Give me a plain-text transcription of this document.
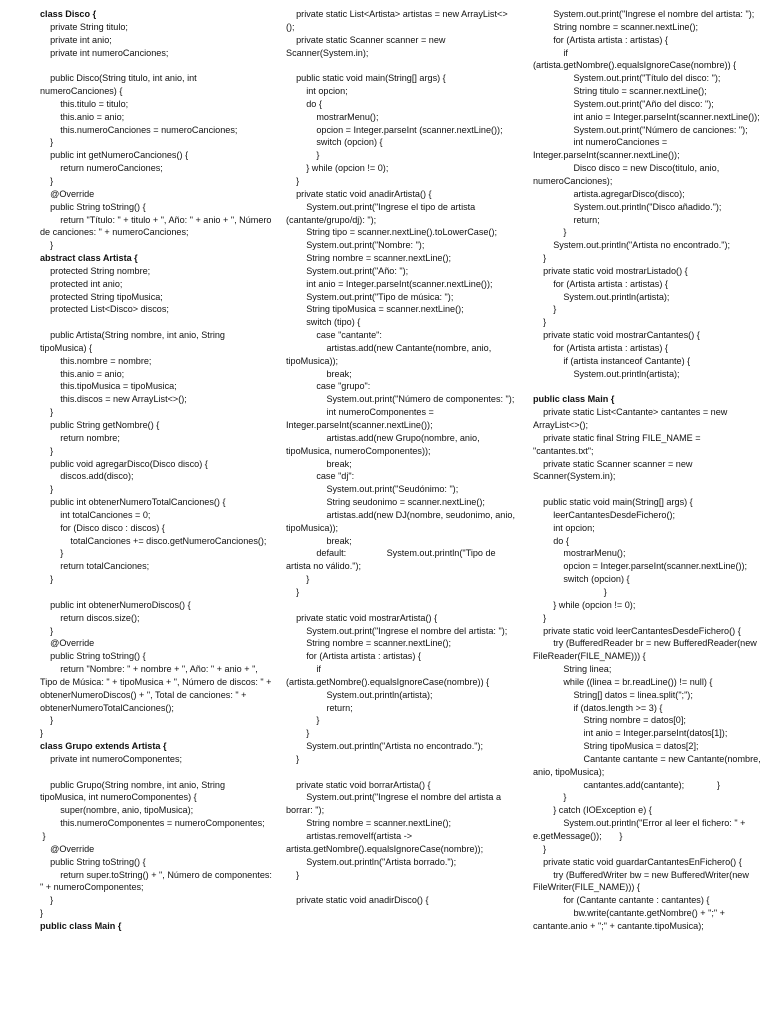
class Disco {
private String titulo;
private int anio;
private int numeroCanciones;

public Disco(String titulo, int anio, int numeroCanciones) {
this.titulo = titulo;
this.anio = anio;
this.numeroCanciones = numeroCanciones;
}
public int getNumeroCanciones() {
return numeroCanciones;
}
@Override
public String toString() {
return "Título: " + titulo + ", Año: " + anio + ", Número de canciones: " + numeroCanciones;
}
abstract class Artista {
protected String nombre;
protected int anio;
protected String tipoMusica;
protected List<Disco> discos;

public Artista(String nombre, int anio, String tipoMusica) {
this.nombre = nombre;
this.anio = anio;
this.tipoMusica = tipoMusica;
this.discos = new ArrayList<>();
}
public String getNombre() {
return nombre;
}
public void agregarDisco(Disco disco) {
discos.add(disco);
}
public int obtenerNumeroTotalCanciones() {
int totalCanciones = 0;
for (Disco disco : discos) {
totalCanciones += disco.getNumeroCanciones();
}
return totalCanciones;
}

public int obtenerNumeroDiscos() {
return discos.size();
}
@Override
public String toString() {
return "Nombre: " + nombre + ", Año: " + anio + ", Tipo de Música: " + tipoMusica + ", Número de discos: " + obtenerNumeroDiscos() + ", Total de canciones: " + obtenerNumeroTotalCanciones();
}
}
class Grupo extends Artista {
private int numeroComponentes;

public Grupo(String nombre, int anio, String tipoMusica, int numeroComponentes) {
super(nombre, anio, tipoMusica);
this.numeroComponentes = numeroComponentes;
}
@Override
public String toString() {
return super.toString() + ", Número de componentes: " + numeroComponentes;
}
}
public class Main {
private static List<Artista> artistas = new ArrayList<>();
private static Scanner scanner = new Scanner(System.in);

public static void main(String[] args) {
int opcion;
do {
mostrarMenu();
opcion = Integer.parseInt (scanner.nextLine());
switch (opcion) {
}
} while (opcion != 0);
}
private static void anadirArtista() {
System.out.print("Ingrese el tipo de artista (cantante/grupo/dj): ");
String tipo = scanner.nextLine().toLowerCase();
System.out.print("Nombre: ");
String nombre = scanner.nextLine();
System.out.print("Año: ");
int anio = Integer.parseInt(scanner.nextLine());
System.out.print("Tipo de música: ");
String tipoMusica = scanner.nextLine();
switch (tipo) {
case "cantante":
artistas.add(new Cantante(nombre, anio, tipoMusica));
break;
case "grupo":
System.out.print("Número de componentes: ");
int numeroComponentes = Integer.parseInt(scanner.nextLine());
artistas.add(new Grupo(nombre, anio, tipoMusica, numeroComponentes));
break;
case "dj":
System.out.print("Seudónimo: ");
String seudonimo = scanner.nextLine();
artistas.add(new DJ(nombre, seudonimo, anio, tipoMusica));
break;
default:                System.out.println("Tipo de artista no válido.");
}
}

private static void mostrarArtista() {
System.out.print("Ingrese el nombre del artista: ");
String nombre = scanner.nextLine();
for (Artista artista : artistas) {
if (artista.getNombre().equalsIgnoreCase(nombre)) {
System.out.println(artista);
return;
}
}
System.out.println("Artista no encontrado.");
}

private static void borrarArtista() {
System.out.print("Ingrese el nombre del artista a borrar: ");
String nombre = scanner.nextLine();
artistas.removeIf(artista -> artista.getNombre().equalsIgnoreCase(nombre));
System.out.println("Artista borrado.");
}

private static void anadirDisco() {
System.out.print("Ingrese el nombre del artista: ");
String nombre = scanner.nextLine();
for (Artista artista : artistas) {
if (artista.getNombre().equalsIgnoreCase(nombre)) {
System.out.print("Título del disco: ");
String titulo = scanner.nextLine();
System.out.print("Año del disco: ");
int anio = Integer.parseInt(scanner.nextLine());
System.out.print("Número de canciones: ");
int numeroCanciones = Integer.parseInt(scanner.nextLine());
Disco disco = new Disco(titulo, anio, numeroCanciones);
artista.agregarDisco(disco);
System.out.println("Disco añadido.");
return;
}
System.out.println("Artista no encontrado.");
}
private static void mostrarListado() {
for (Artista artista : artistas) {
System.out.println(artista);
}
}
private static void mostrarCantantes() {
for (Artista artista : artistas) {
if (artista instanceof Cantante) {
System.out.println(artista);

public class Main {
private static List<Cantante> cantantes = new ArrayList<>();
private static final String FILE_NAME = "cantantes.txt";
private static Scanner scanner = new Scanner(System.in);

public static void main(String[] args) {
leerCantantesDesdeFichero();
int opcion;
do {
mostrarMenu();
opcion = Integer.parseInt(scanner.nextLine());
switch (opcion) {
}
} while (opcion != 0);
}
private static void leerCantantesDesdeFichero() {
try (BufferedReader br = new BufferedReader(new FileReader(FILE_NAME))) {
String linea;
while ((linea = br.readLine()) != null) {
String[] datos = linea.split(";");
if (datos.length >= 3) {
String nombre = datos[0];
int anio = Integer.parseInt(datos[1]);
String tipoMusica = datos[2];
Cantante cantante = new Cantante(nombre, anio, tipoMusica);
cantantes.add(cantante);             }
}
} catch (IOException e) {
System.out.println("Error al leer el fichero: " + e.getMessage());       }
}
private static void guardarCantantesEnFichero() {
try (BufferedWriter bw = new BufferedWriter(new FileWriter(FILE_NAME))) {
for (Cantante cantante : cantantes) {
bw.write(cantante.getNombre() + ";" + cantante.anio + ";" + cantante.tipoMusica);
